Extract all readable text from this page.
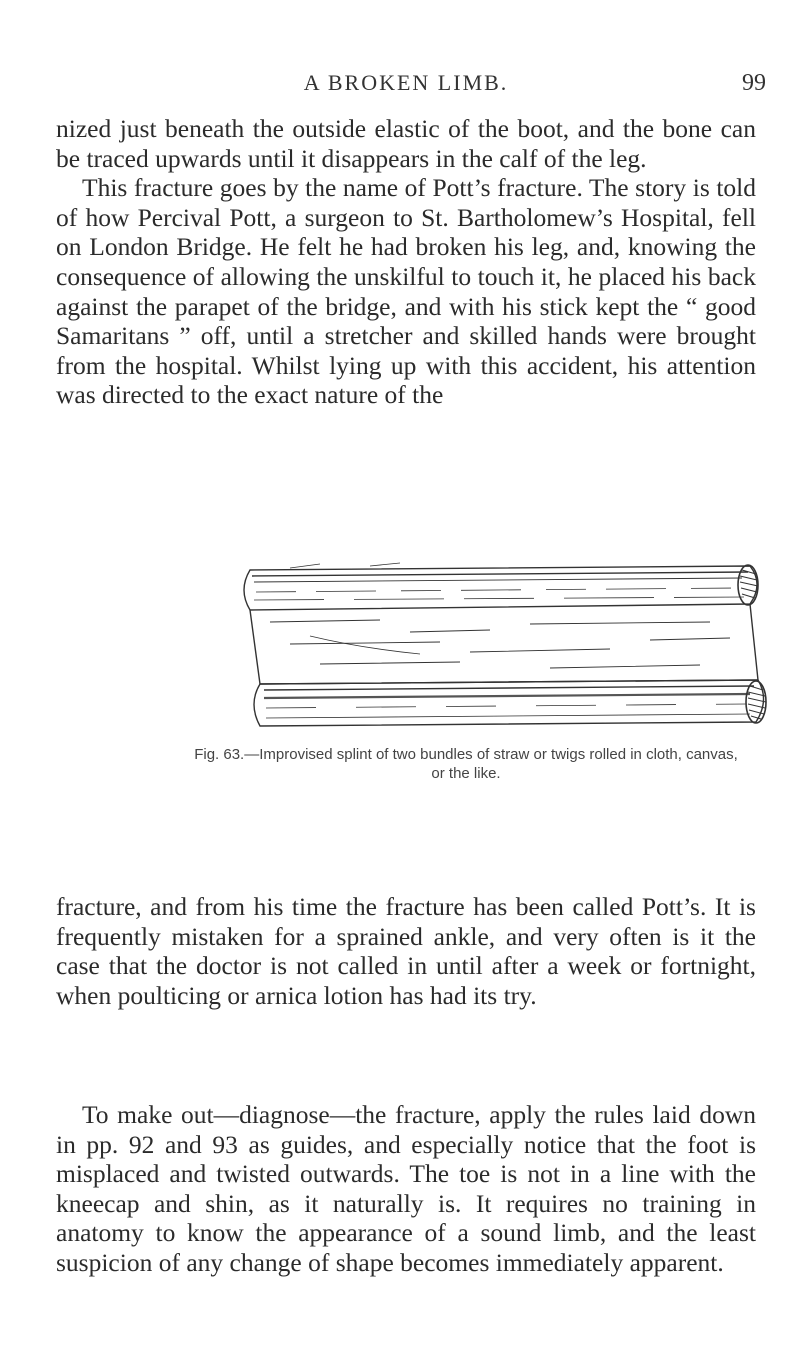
A BROKEN LIMB.	99
nized just beneath the outside elastic of the boot, and the bone can be traced upwards until it disappears in the calf of the leg.
This fracture goes by the name of Pott’s fracture. The story is told of how Percival Pott, a surgeon to St. Bartholomew’s Hospital, fell on London Bridge. He felt he had broken his leg, and, knowing the consequence of allowing the unskilful to touch it, he placed his back against the parapet of the bridge, and with his stick kept the “ good Samaritans ” off, until a stretcher and skilled hands were brought from the hospital. Whilst lying up with this accident, his attention was directed to the exact nature of the
Fig. 63.—Improvised splint of two bundles of straw or twigs rolled in cloth, canvas, or the like.
fracture, and from his time the fracture has been called Pott’s. It is frequently mistaken for a sprained ankle, and very often is it the case that the doctor is not called in until after a week or fortnight, when poulticing or arnica lotion has had its try.
To make out—diagnose—the fracture, apply the rules laid down in pp. 92 and 93 as guides, and especially notice that the foot is misplaced and twisted outwards. The toe is not in a line with the kneecap and shin, as it naturally is. It requires no training in anatomy to know the appearance of a sound limb, and the least suspicion of any change of shape becomes immediately apparent.
